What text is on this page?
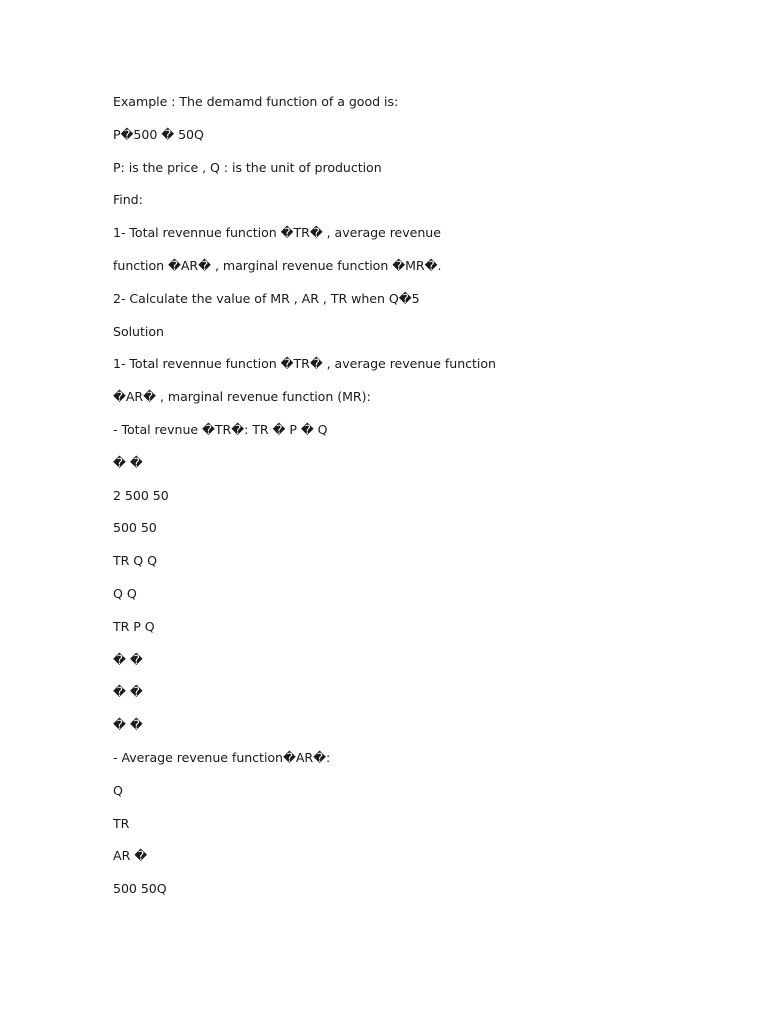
Example : The demamd function of a good is:
P�500 � 50Q
P: is the price , Q : is the unit of production
Find:
1- Total revennue function �TR� , average revenue
function �AR� , marginal revenue function �MR�.
2- Calculate the value of MR , AR , TR when Q�5
Solution
1- Total revennue function �TR� , average revenue function
�AR� , marginal revenue function (MR):
- Total revnue �TR�: TR � P � Q
� �
2 500 50
500 50
TR Q Q
Q Q
TR P Q
� �
� �
� �
- Average revenue function�AR�:
Q
TR
AR �
500 50Q
